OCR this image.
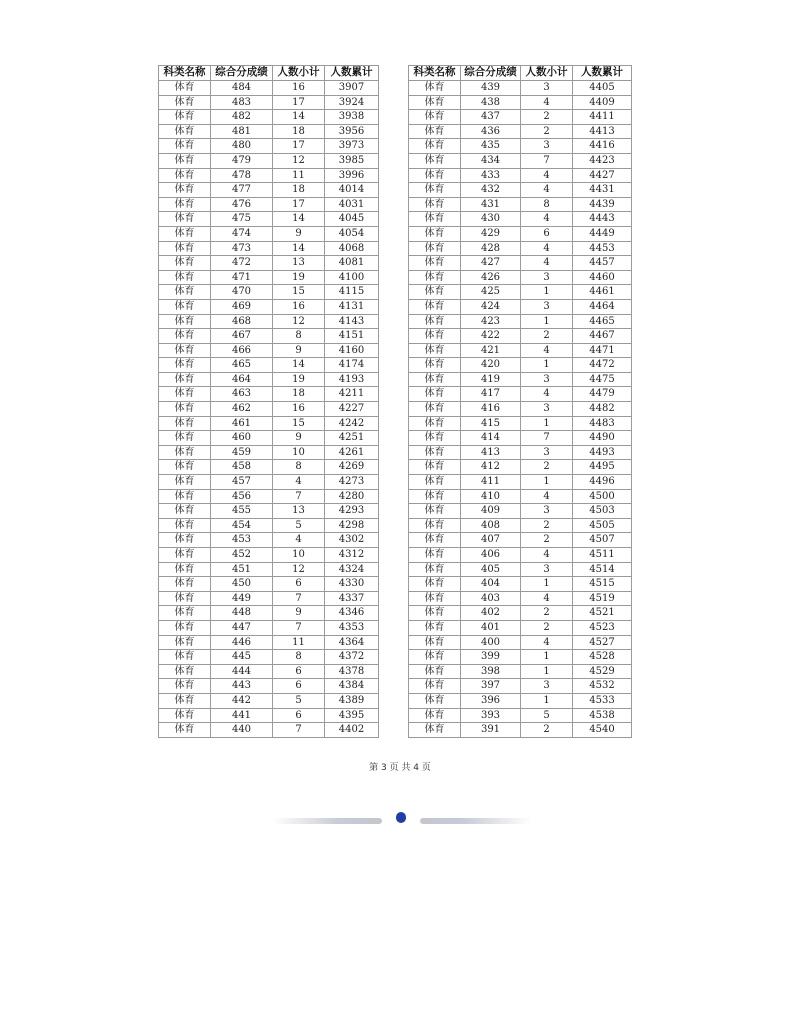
科类名称	综合分成绩	人数小计	人数累计
体育	484	16	3907
体育	483	17	3924
体育	482	14	3938
体育	481	18	3956
体育	480	17	3973
体育	479	12	3985
体育	478	11	3996
体育	477	18	4014
体育	476	17	4031
体育	475	14	4045
体育	474	9	4054
体育	473	14	4068
体育	472	13	4081
体育	471	19	4100
体育	470	15	4115
体育	469	16	4131
体育	468	12	4143
体育	467	8	4151
体育	466	9	4160
体育	465	14	4174
体育	464	19	4193
体育	463	18	4211
体育	462	16	4227
体育	461	15	4242
体育	460	9	4251
体育	459	10	4261
体育	458	8	4269
体育	457	4	4273
体育	456	7	4280
体育	455	13	4293
体育	454	5	4298
体育	453	4	4302
体育	452	10	4312
体育	451	12	4324
体育	450	6	4330
体育	449	7	4337
体育	448	9	4346
体育	447	7	4353
体育	446	11	4364
体育	445	8	4372
体育	444	6	4378
体育	443	6	4384
体育	442	5	4389
体育	441	6	4395
体育	440	7	4402
科类名称	综合分成绩	人数小计	人数累计
体育	439	3	4405
体育	438	4	4409
体育	437	2	4411
体育	436	2	4413
体育	435	3	4416
体育	434	7	4423
体育	433	4	4427
体育	432	4	4431
体育	431	8	4439
体育	430	4	4443
体育	429	6	4449
体育	428	4	4453
体育	427	4	4457
体育	426	3	4460
体育	425	1	4461
体育	424	3	4464
体育	423	1	4465
体育	422	2	4467
体育	421	4	4471
体育	420	1	4472
体育	419	3	4475
体育	417	4	4479
体育	416	3	4482
体育	415	1	4483
体育	414	7	4490
体育	413	3	4493
体育	412	2	4495
体育	411	1	4496
体育	410	4	4500
体育	409	3	4503
体育	408	2	4505
体育	407	2	4507
体育	406	4	4511
体育	405	3	4514
体育	404	1	4515
体育	403	4	4519
体育	402	2	4521
体育	401	2	4523
体育	400	4	4527
体育	399	1	4528
体育	398	1	4529
体育	397	3	4532
体育	396	1	4533
体育	393	5	4538
体育	391	2	4540
第 3 页 共 4 页
